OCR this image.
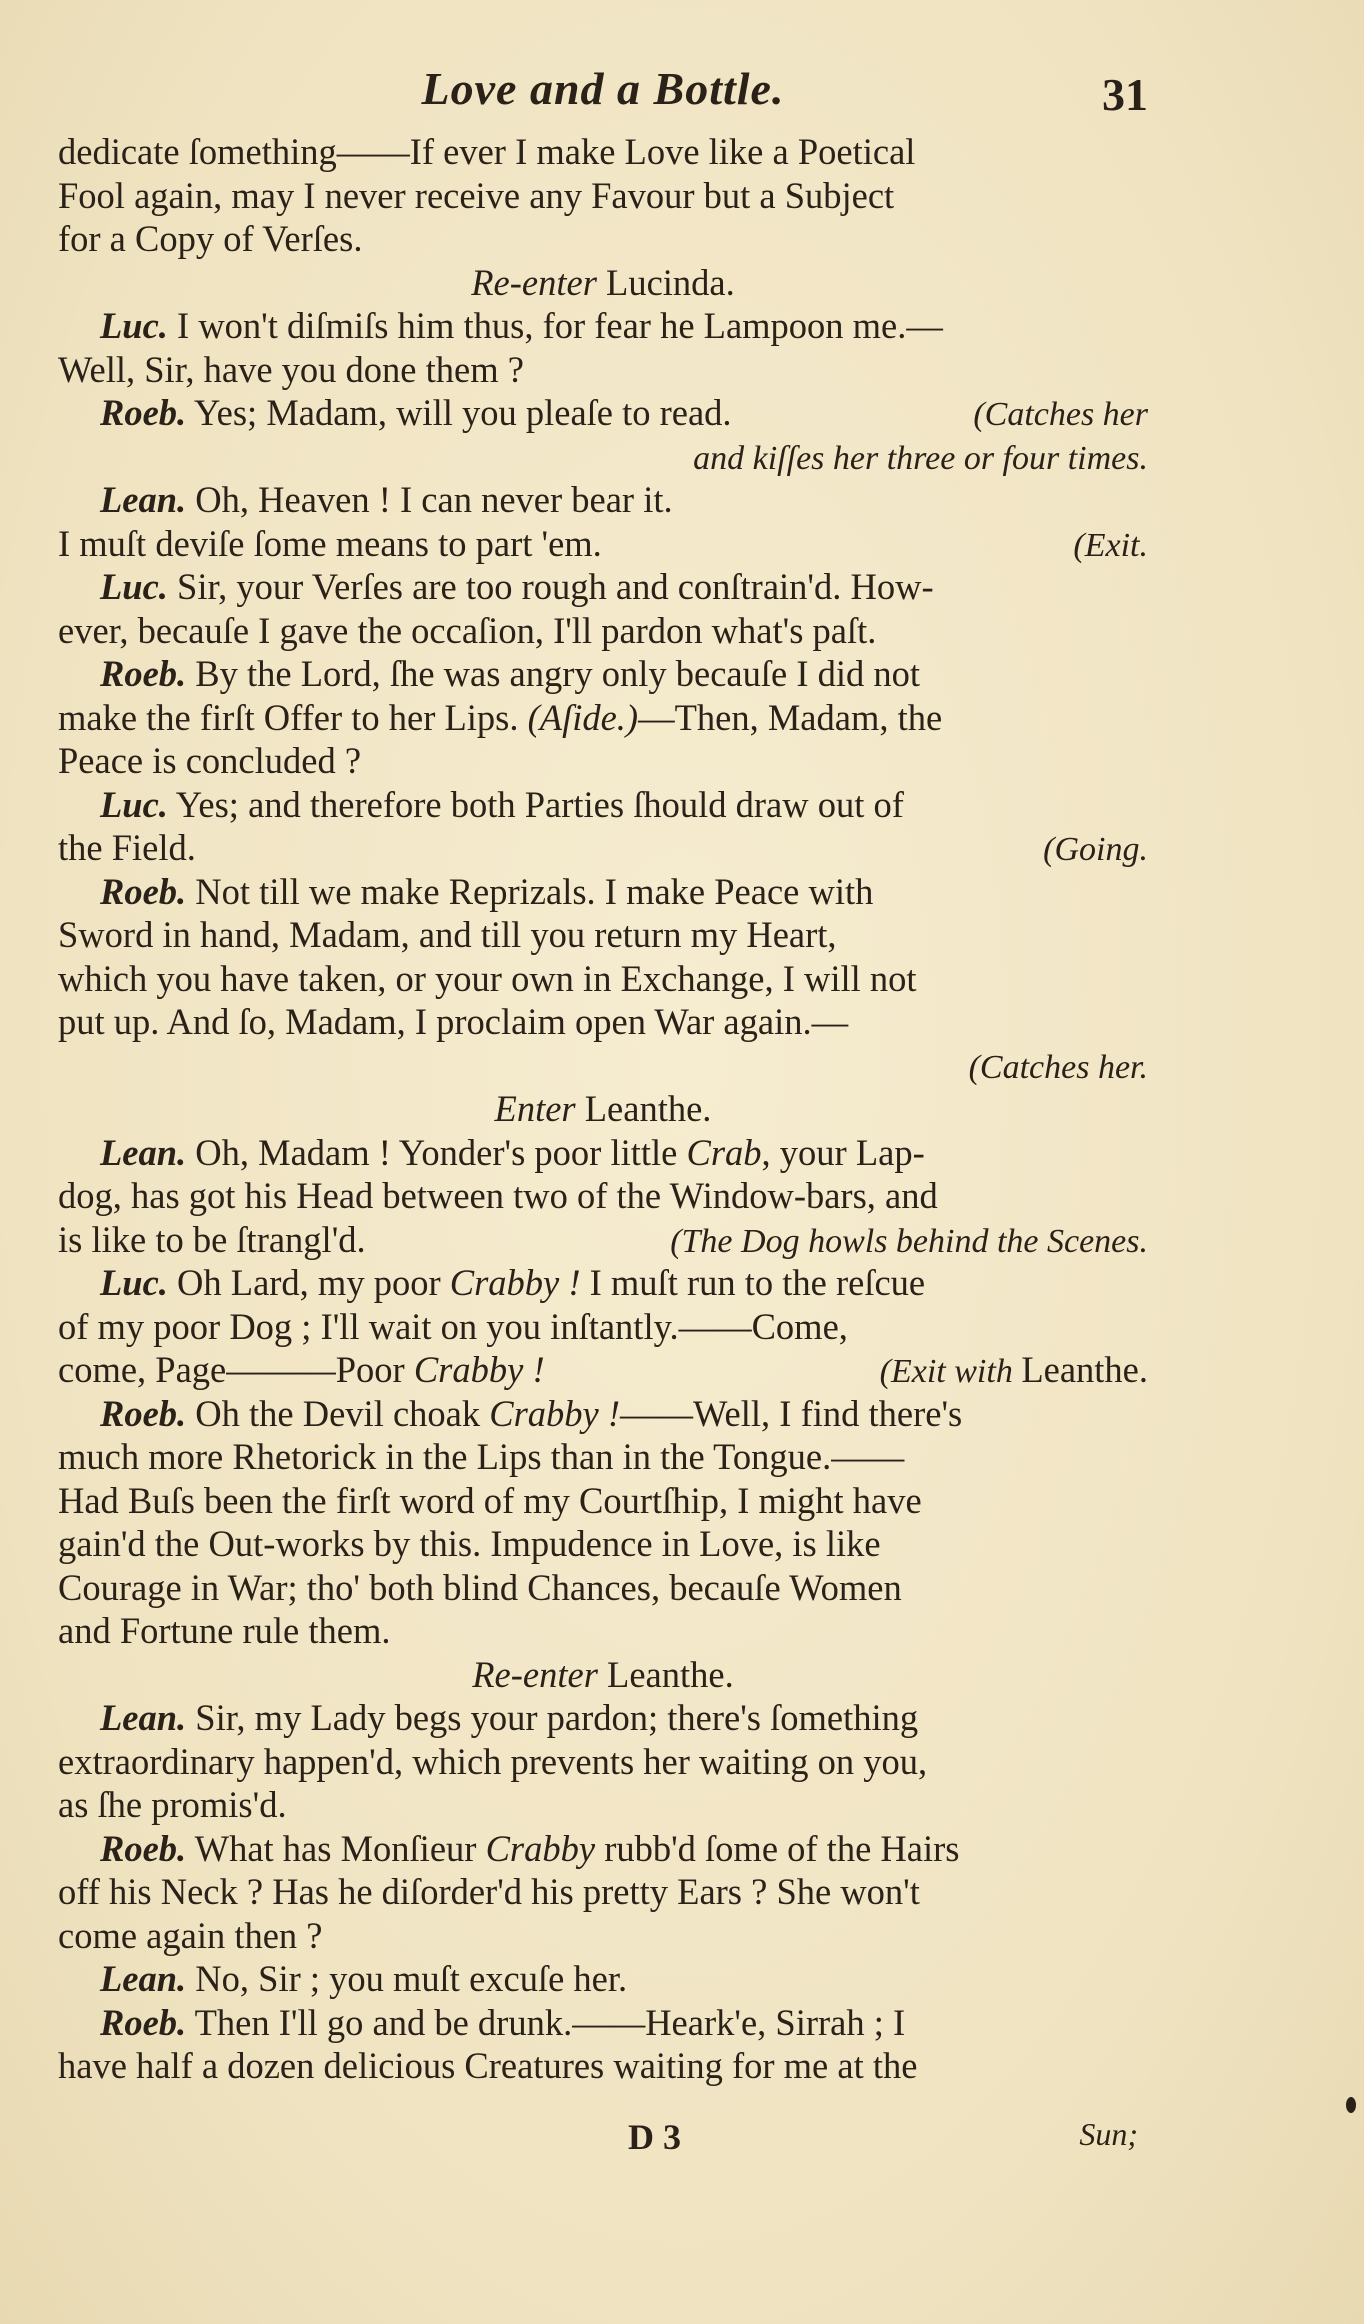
Love and a Bottle.	31
dedicate ſomething——If ever I make Love like a Poetical
Fool again, may I never receive any Favour but a Subject
for a Copy of Verſes.
Re-enter Lucinda.
Luc. I won't diſmiſs him thus, for fear he Lampoon me.—
Well, Sir, have you done them ?
Roeb. Yes; Madam, will you pleaſe to read.	(Catches her
and kiſſes her three or four times.
Lean. Oh, Heaven ! I can never bear it.
I muſt deviſe ſome means to part 'em.	(Exit.
Luc. Sir, your Verſes are too rough and conſtrain'd. How-
ever, becauſe I gave the occaſion, I'll pardon what's paſt.
Roeb. By the Lord, ſhe was angry only becauſe I did not
make the firſt Offer to her Lips. (Aſide.)—Then, Madam, the
Peace is concluded ?
Luc. Yes; and therefore both Parties ſhould draw out of
the Field.	(Going.
Roeb. Not till we make Reprizals. I make Peace with
Sword in hand, Madam, and till you return my Heart,
which you have taken, or your own in Exchange, I will not
put up. And ſo, Madam, I proclaim open War again.—
(Catches her.
Enter Leanthe.
Lean. Oh, Madam ! Yonder's poor little Crab, your Lap-
dog, has got his Head between two of the Window-bars, and
is like to be ſtrangl'd.	(The Dog howls behind the Scenes.
Luc. Oh Lard, my poor Crabby ! I muſt run to the reſcue
of my poor Dog ; I'll wait on you inſtantly.——Come,
come, Page———Poor Crabby !	(Exit with Leanthe.
Roeb. Oh the Devil choak Crabby !——Well, I find there's
much more Rhetorick in the Lips than in the Tongue.——
Had Buſs been the firſt word of my Courtſhip, I might have
gain'd the Out-works by this. Impudence in Love, is like
Courage in War; tho' both blind Chances, becauſe Women
and Fortune rule them.
Re-enter Leanthe.
Lean. Sir, my Lady begs your pardon; there's ſomething
extraordinary happen'd, which prevents her waiting on you,
as ſhe promis'd.
Roeb. What has Monſieur Crabby rubb'd ſome of the Hairs
off his Neck ? Has he diſorder'd his pretty Ears ? She won't
come again then ?
Lean. No, Sir ; you muſt excuſe her.
Roeb. Then I'll go and be drunk.——Heark'e, Sirrah ; I
have half a dozen delicious Creatures waiting for me at the
D 3	Sun;
